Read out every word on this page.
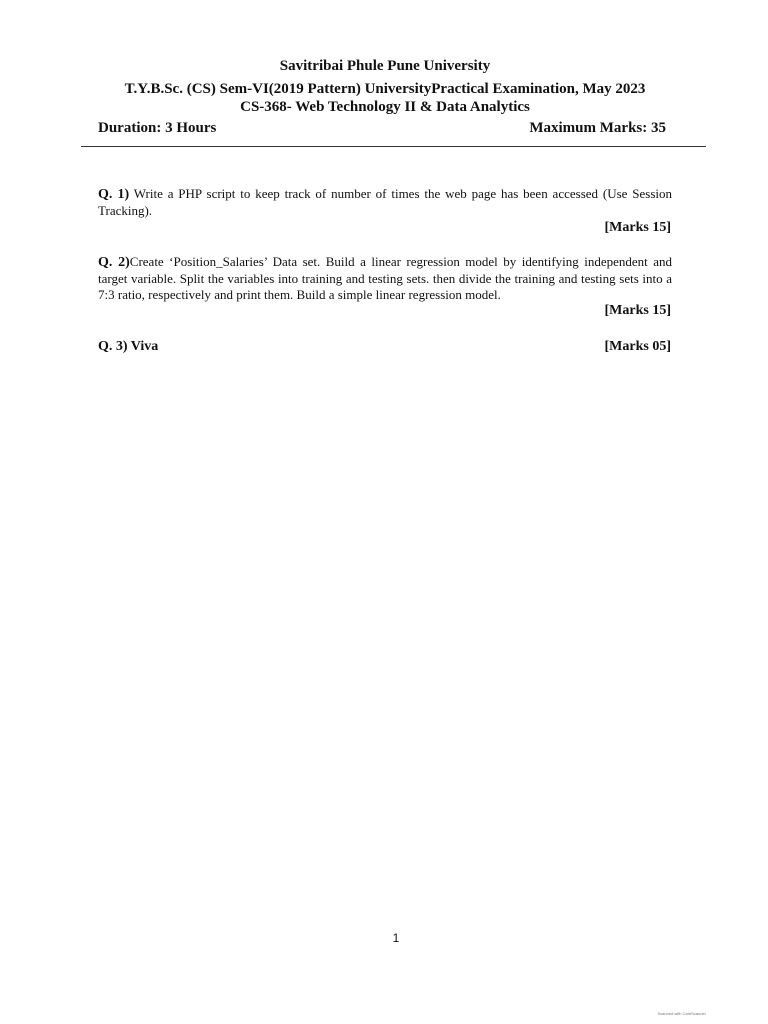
Savitribai Phule Pune University
T.Y.B.Sc. (CS) Sem-VI(2019 Pattern) UniversityPractical Examination, May 2023
CS-368- Web Technology II & Data Analytics
Duration: 3 Hours	Maximum Marks: 35
Q. 1) Write a PHP script to keep track of number of times the web page has been accessed (Use Session Tracking).
[Marks 15]
Q. 2)Create ‘Position_Salaries’ Data set. Build a linear regression model by identifying independent and target variable. Split the variables into training and testing sets. then divide the training and testing sets into a 7:3 ratio, respectively and print them. Build a simple linear regression model.
[Marks 15]
Q. 3) Viva	[Marks 05]
1
Scanned with CamScanner
